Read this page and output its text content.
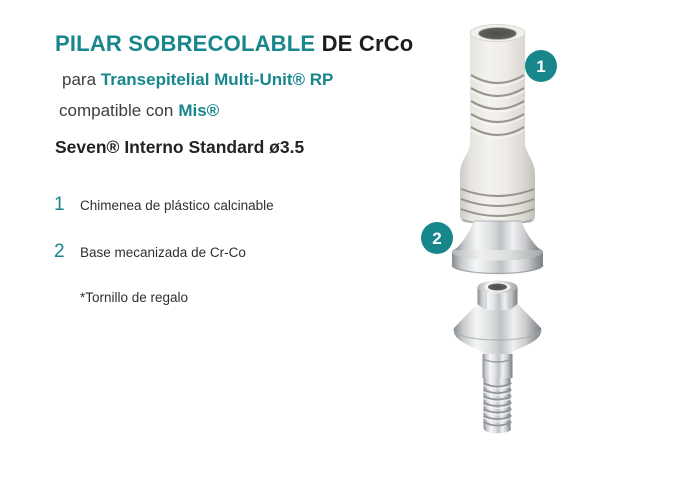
PILAR SOBRECOLABLE DE CrCo
para Transepitelial Multi-Unit® RP
compatible con Mis®
Seven® Interno Standard ø3.5
1 Chimenea de plástico calcinable
2 Base mecanizada de Cr-Co
*Tornillo de regalo
1
2
